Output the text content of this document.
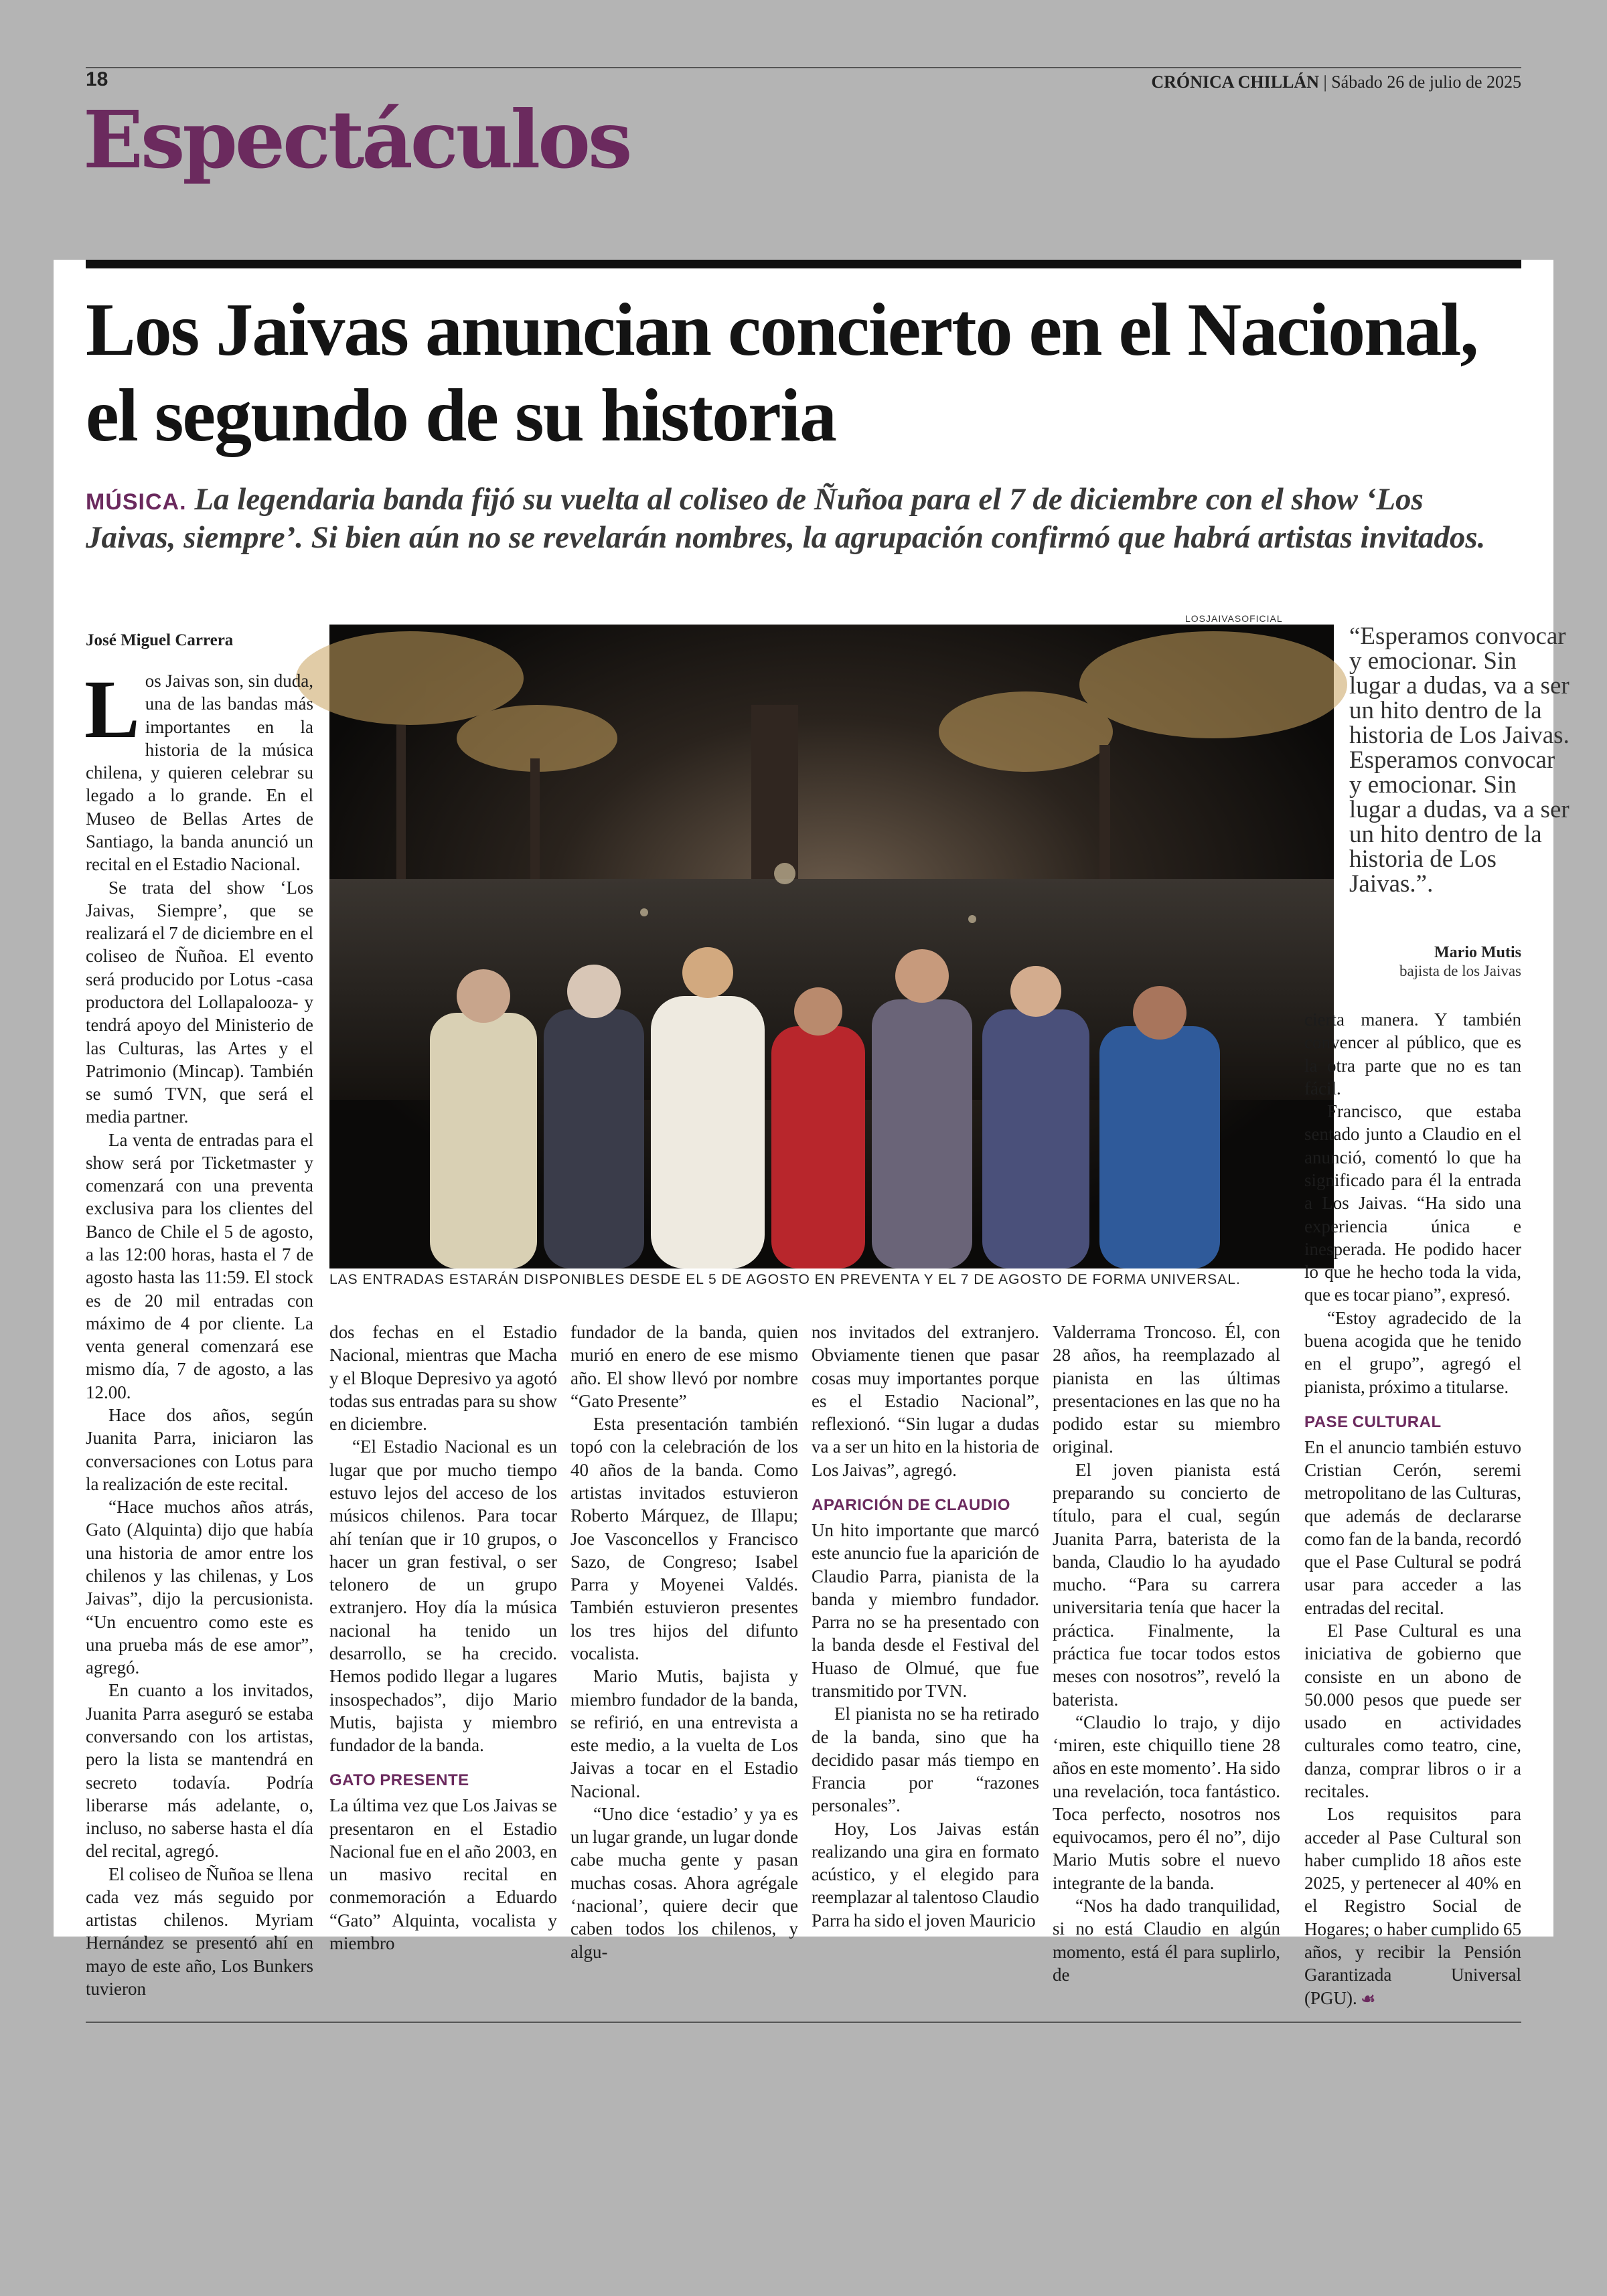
18	CRÓNICA CHILLÁN | Sábado 26 de julio de 2025
Espectáculos
Los Jaivas anuncian concierto en el Nacional, el segundo de su historia

MÚSICA. La legendaria banda fijó su vuelta al coliseo de Ñuñoa para el 7 de diciembre con el show ‘Los Jaivas, siempre’. Si bien aún no se revelarán nombres, la agrupación confirmó que habrá artistas invitados.

LOSJAIVASOFICIAL
José Miguel Carrera
LAS ENTRADAS ESTARÁN DISPONIBLES DESDE EL 5 DE AGOSTO EN PREVENTA Y EL 7 DE AGOSTO DE FORMA UNIVERSAL.

Los Jaivas son, sin duda, una de las bandas más importantes en la historia de la música chilena, y quieren celebrar su legado a lo grande. En el Museo de Bellas Artes de Santiago, la banda anunció un recital en el Estadio Nacional.

Se trata del show ‘Los Jaivas, Siempre’, que se realizará el 7 de diciembre en el coliseo de Ñuñoa. El evento será producido por Lotus -casa productora del Lollapalooza- y tendrá apoyo del Ministerio de las Culturas, las Artes y el Patrimonio (Mincap). También se sumó TVN, que será el media partner.

La venta de entradas para el show será por Ticketmaster y comenzará con una preventa exclusiva para los clientes del Banco de Chile el 5 de agosto, a las 12:00 horas, hasta el 7 de agosto hasta las 11:59. El stock es de 20 mil entradas con máximo de 4 por cliente. La venta general comenzará ese mismo día, 7 de agosto, a las 12.00.

Hace dos años, según Juanita Parra, iniciaron las conversaciones con Lotus para la realización de este recital.

“Hace muchos años atrás, Gato (Alquinta) dijo que había una historia de amor entre los chilenos y las chilenas, y Los Jaivas”, dijo la percusionista. “Un encuentro como este es una prueba más de ese amor”, agregó.

En cuanto a los invitados, Juanita Parra aseguró se estaba conversando con los artistas, pero la lista se mantendrá en secreto todavía. Podría liberarse más adelante, o, incluso, no saberse hasta el día del recital, agregó.

El coliseo de Ñuñoa se llena cada vez más seguido por artistas chilenos. Myriam Hernández se presentó ahí en mayo de este año, Los Bunkers tuvieron

dos fechas en el Estadio Nacional, mientras que Macha y el Bloque Depresivo ya agotó todas sus entradas para su show en diciembre.

“El Estadio Nacional es un lugar que por mucho tiempo estuvo lejos del acceso de los músicos chilenos. Para tocar ahí tenían que ir 10 grupos, o hacer un gran festival, o ser telonero de un grupo extranjero. Hoy día la música nacional ha tenido un desarrollo, se ha crecido. Hemos podido llegar a lugares insospechados”, dijo Mario Mutis, bajista y miembro fundador de la banda.

GATO PRESENTE

La última vez que Los Jaivas se presentaron en el Estadio Nacional fue en el año 2003, en un masivo recital en conmemoración a Eduardo “Gato” Alquinta, vocalista y miembro

fundador de la banda, quien murió en enero de ese mismo año. El show llevó por nombre “Gato Presente”

Esta presentación también topó con la celebración de los 40 años de la banda. Como artistas invitados estuvieron Roberto Márquez, de Illapu; Joe Vasconcellos y Francisco Sazo, de Congreso; Isabel Parra y Moyenei Valdés. También estuvieron presentes los tres hijos del difunto vocalista.

Mario Mutis, bajista y miembro fundador de la banda, se refirió, en una entrevista a este medio, a la vuelta de Los Jaivas a tocar en el Estadio Nacional.

“Uno dice ‘estadio’ y ya es un lugar grande, un lugar donde cabe mucha gente y pasan muchas cosas. Ahora agrégale ‘nacional’, quiere decir que caben todos los chilenos, y algu-

nos invitados del extranjero. Obviamente tienen que pasar cosas muy importantes porque es el Estadio Nacional”, reflexionó. “Sin lugar a dudas va a ser un hito en la historia de Los Jaivas”, agregó.

APARICIÓN DE CLAUDIO

Un hito importante que marcó este anuncio fue la aparición de Claudio Parra, pianista de la banda y miembro fundador. Parra no se ha presentado con la banda desde el Festival del Huaso de Olmué, que fue transmitido por TVN.

El pianista no se ha retirado de la banda, sino que ha decidido pasar más tiempo en Francia por “razones personales”.

Hoy, Los Jaivas están realizando una gira en formato acústico, y el elegido para reemplazar al talentoso Claudio Parra ha sido el joven Mauricio

Valderrama Troncoso. Él, con 28 años, ha reemplazado al pianista en las últimas presentaciones en las que no ha podido estar su miembro original.

El joven pianista está preparando su concierto de título, para el cual, según Juanita Parra, baterista de la banda, Claudio lo ha ayudado mucho. “Para su carrera universitaria tenía que hacer la práctica. Finalmente, la práctica fue tocar todos estos meses con nosotros”, reveló la baterista.

“Claudio lo trajo, y dijo ‘miren, este chiquillo tiene 28 años en este momento’. Ha sido una revelación, toca fantástico. Toca perfecto, nosotros nos equivocamos, pero él no”, dijo Mario Mutis sobre el nuevo integrante de la banda.

“Nos ha dado tranquilidad, si no está Claudio en algún momento, está él para suplirlo, de

“Esperamos convocar y emocionar. Sin lugar a dudas, va a ser un hito dentro de la historia de Los Jaivas. Esperamos convocar y emocionar. Sin lugar a dudas, va a ser un hito dentro de la historia de Los Jaivas.”.
Mario Mutis
bajista de los Jaivas

cierta manera. Y también convencer al público, que es la otra parte que no es tan fácil.

Francisco, que estaba sentado junto a Claudio en el anunció, comentó lo que ha significado para él la entrada a Los Jaivas. “Ha sido una experiencia única e inesperada. He podido hacer lo que he hecho toda la vida, que es tocar piano”, expresó.

“Estoy agradecido de la buena acogida que he tenido en el grupo”, agregó el pianista, próximo a titularse.

PASE CULTURAL

En el anuncio también estuvo Cristian Cerón, seremi metropolitano de las Culturas, que además de declararse como fan de la banda, recordó que el Pase Cultural se podrá usar para acceder a las entradas del recital.

El Pase Cultural es una iniciativa de gobierno que consiste en un abono de 50.000 pesos que puede ser usado en actividades culturales como teatro, cine, danza, comprar libros o ir a recitales.

Los requisitos para acceder al Pase Cultural son haber cumplido 18 años este 2025, y pertenecer al 40% en el Registro Social de Hogares; o haber cumplido 65 años, y recibir la Pensión Garantizada Universal (PGU). ☙
